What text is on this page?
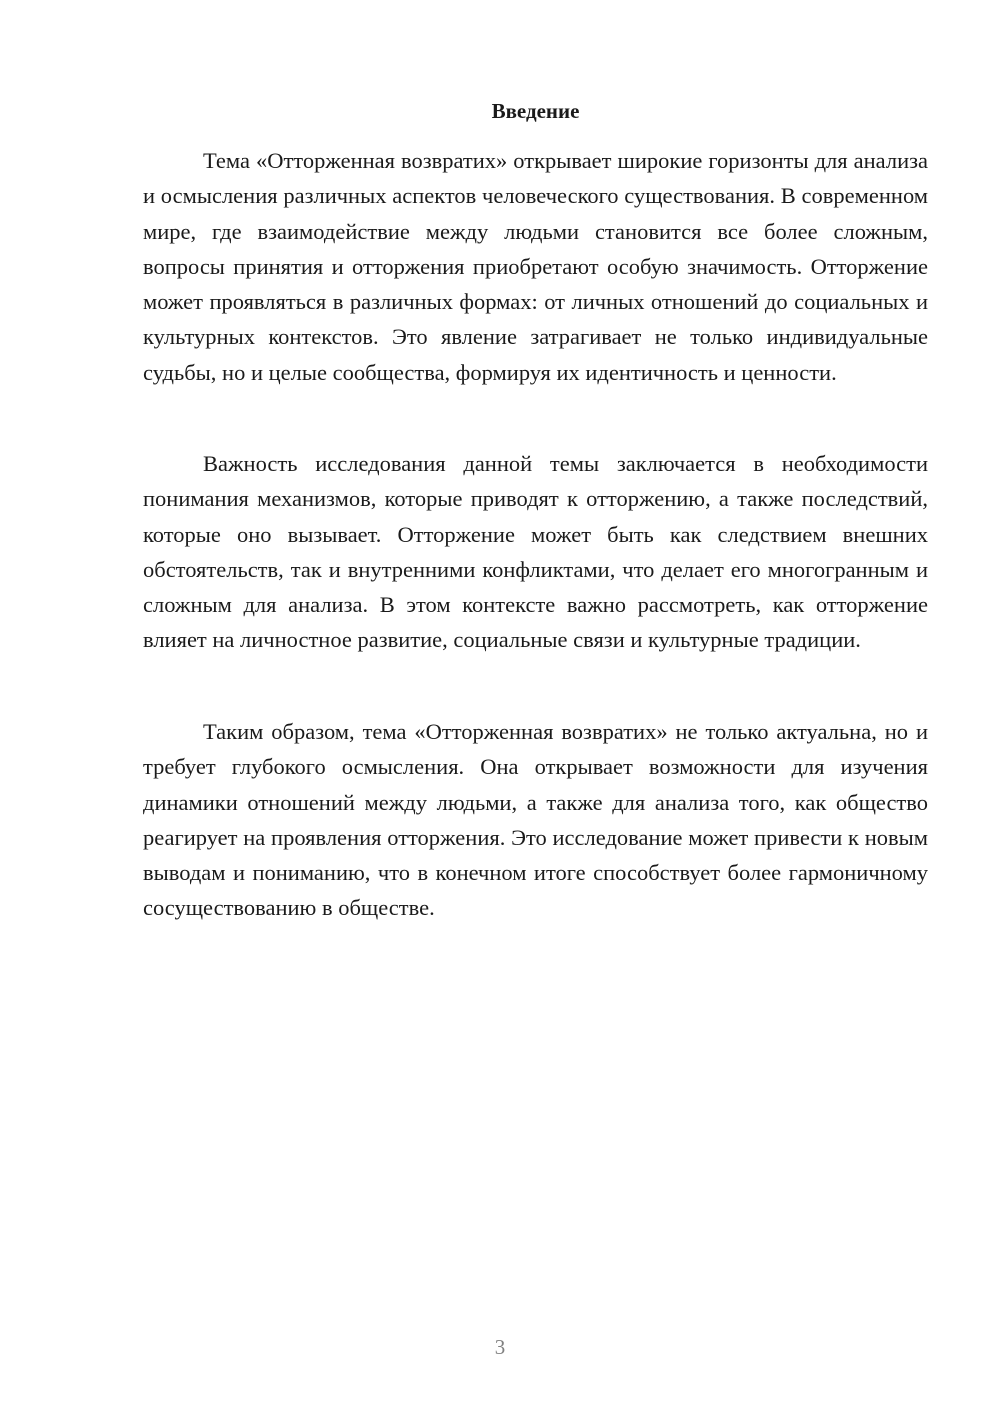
Введение

Тема «Отторженная возвратих» открывает широкие горизонты для анализа и осмысления различных аспектов человеческого существования. В современном мире, где взаимодействие между людьми становится все более сложным, вопросы принятия и отторжения приобретают особую значимость. Отторжение может проявляться в различных формах: от личных отношений до социальных и культурных контекстов. Это явление затрагивает не только индивидуальные судьбы, но и целые сообщества, формируя их идентичность и ценности.

Важность исследования данной темы заключается в необходимости понимания механизмов, которые приводят к отторжению, а также последствий, которые оно вызывает. Отторжение может быть как следствием внешних обстоятельств, так и внутренними конфликтами, что делает его многогранным и сложным для анализа. В этом контексте важно рассмотреть, как отторжение влияет на личностное развитие, социальные связи и культурные традиции.

Таким образом, тема «Отторженная возвратих» не только актуальна, но и требует глубокого осмысления. Она открывает возможности для изучения динамики отношений между людьми, а также для анализа того, как общество реагирует на проявления отторжения. Это исследование может привести к новым выводам и пониманию, что в конечном итоге способствует более гармоничному сосуществованию в обществе.

3
